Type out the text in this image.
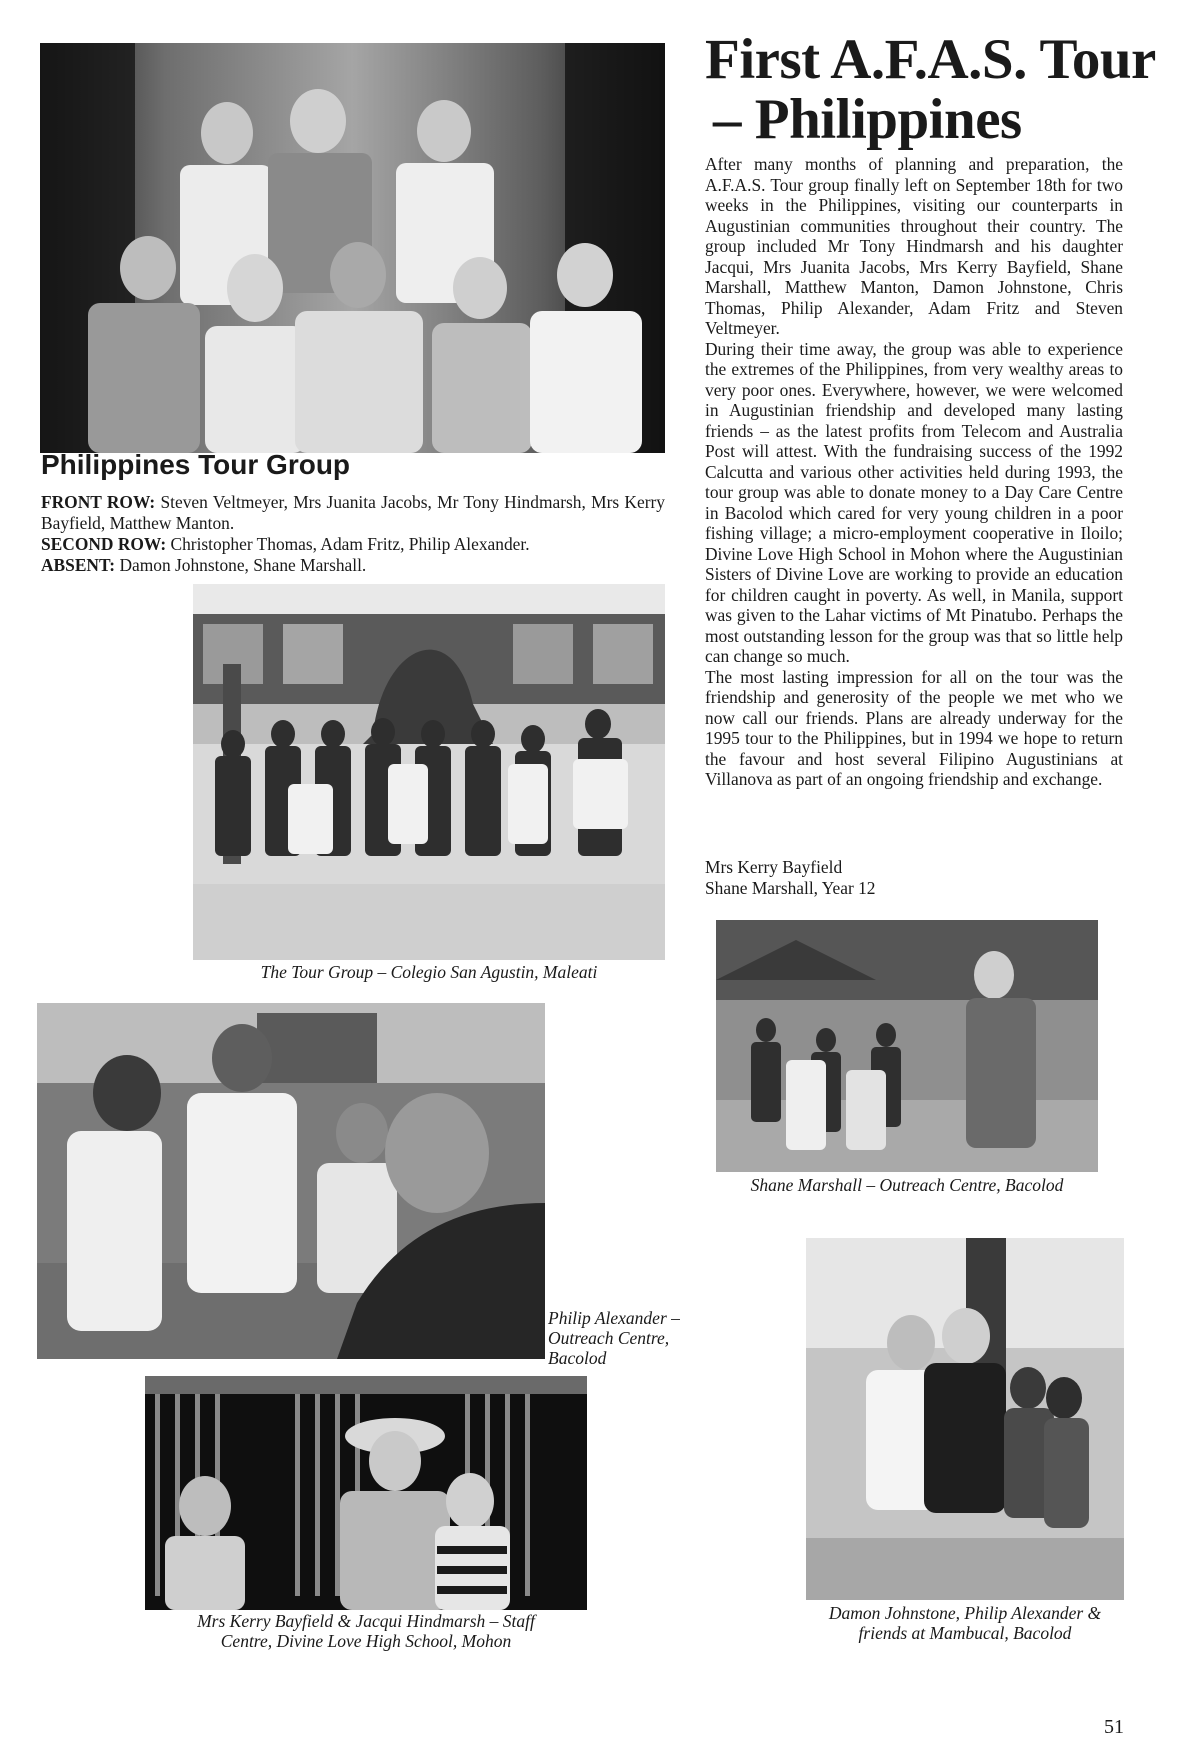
Philippines Tour Group

FRONT ROW: Steven Veltmeyer, Mrs Juanita Jacobs, Mr Tony Hindmarsh, Mrs Kerry Bayfield, Matthew Manton.

SECOND ROW: Christopher Thomas, Adam Fritz, Philip Alexander.

ABSENT: Damon Johnstone, Shane Marshall.

The Tour Group – Colegio San Agustin, Maleati
First A.F.A.S. Tour
– Philippines

After many months of planning and preparation, the A.F.A.S. Tour group finally left on September 18th for two weeks in the Philippines, visiting our counterparts in Augustinian communities throughout their country. The group included Mr Tony Hindmarsh and his daughter Jacqui, Mrs Juanita Jacobs, Mrs Kerry Bayfield, Shane Marshall, Matthew Manton, Damon Johnstone, Chris Thomas, Philip Alexander, Adam Fritz and Steven Veltmeyer.

During their time away, the group was able to experience the extremes of the Philippines, from very wealthy areas to very poor ones. Everywhere, however, we were welcomed in Augustinian friendship and developed many lasting friends – as the latest profits from Telecom and Australia Post will attest. With the fundraising success of the 1992 Calcutta and various other activities held during 1993, the tour group was able to donate money to a Day Care Centre in Bacolod which cared for very young children in a poor fishing village; a micro-employment cooperative in Iloilo; Divine Love High School in Mohon where the Augustinian Sisters of Divine Love are working to provide an education for children caught in poverty. As well, in Manila, support was given to the Lahar victims of Mt Pinatubo. Perhaps the most outstanding lesson for the group was that so little help can change so much.

The most lasting impression for all on the tour was the friendship and generosity of the people we met who we now call our friends. Plans are already underway for the 1995 tour to the Philippines, but in 1994 we hope to return the favour and host several Filipino Augustinians at Villanova as part of an ongoing friendship and exchange.

Mrs Kerry Bayfield
Shane Marshall, Year 12
Shane Marshall – Outreach Centre, Bacolod
Philip Alexander –
Outreach Centre,
Bacolod
Damon Johnstone, Philip Alexander &
friends at Mambucal, Bacolod
Mrs Kerry Bayfield & Jacqui Hindmarsh – Staff
Centre, Divine Love High School, Mohon
51
